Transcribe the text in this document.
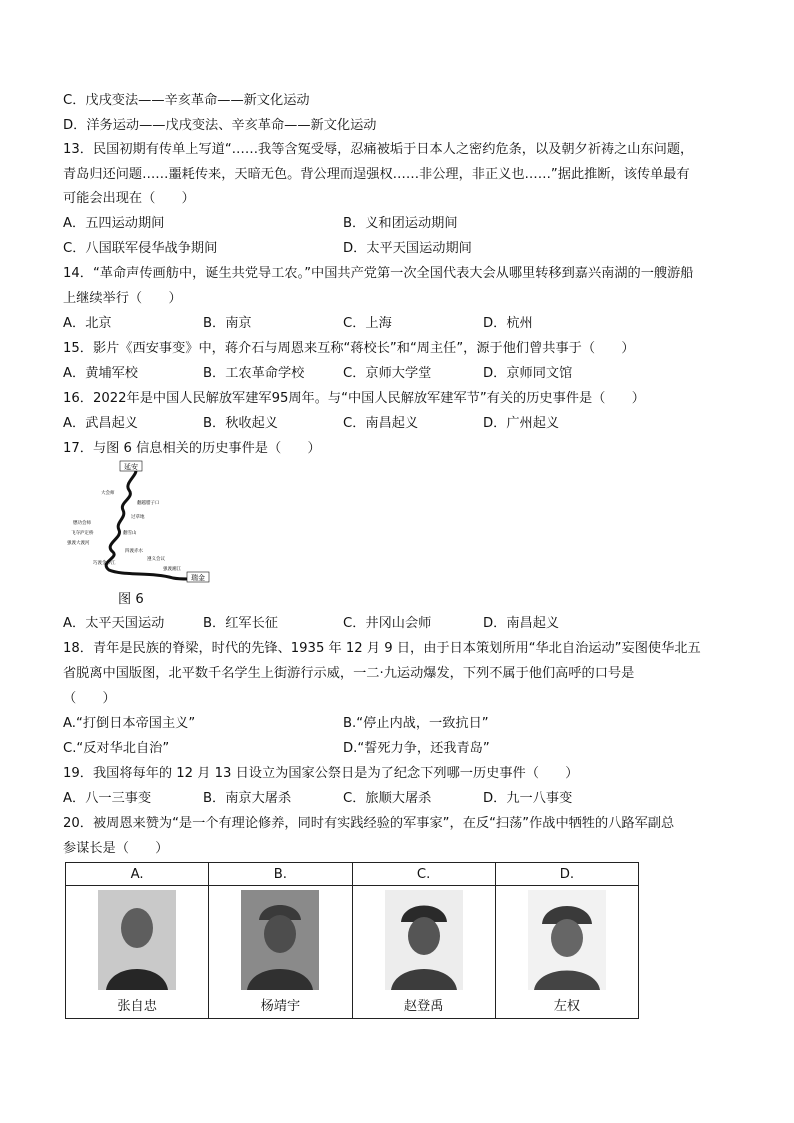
C．戊戌变法——辛亥革命——新文化运动
D．洋务运动——戊戌变法、辛亥革命——新文化运动
13．民国初期有传单上写道“……我等含冤受辱，忍痛被垢于日本人之密约危条，以及朝夕祈祷之山东问题，
青岛归还问题……噩耗传来，天暗无色。背公理而逞强权……非公理，非正义也……”据此推断，该传单最有
可能会出现在（　　）
A．五四运动期间	B．义和团运动期间
C．八国联军侵华战争期间	D．太平天国运动期间
14．“革命声传画舫中，诞生共党导工农。”中国共产党第一次全国代表大会从哪里转移到嘉兴南湖的一艘游船
上继续举行（　　）
A．北京	B．南京	C．上海	D．杭州
15．影片《西安事变》中，蒋介石与周恩来互称“蒋校长”和“周主任”，源于他们曾共事于（　　）
A．黄埔军校	B．工农革命学校	C．京师大学堂	D．京师同文馆
16．2022年是中国人民解放军建军95周年。与“中国人民解放军建军节”有关的历史事件是（　　）
A．武昌起义	B．秋收起义	C．南昌起义	D．广州起义
17．与图 6 信息相关的历史事件是（　　）
延安
大会师
翻越腊子口
过草地
懋功会师
飞夺泸定桥
强渡大渡河
翻雪山
四渡赤水
巧渡金沙江
遵义会议
强渡湘江
瑞金
图 6
A．太平天国运动	B．红军长征	C．井冈山会师	D．南昌起义
18．青年是民族的脊梁，时代的先锋、1935 年 12 月 9 日，由于日本策划所用“华北自治运动”妄图使华北五
省脱离中国版图，北平数千名学生上街游行示威，一二·九运动爆发，下列不属于他们高呼的口号是
（　　）
A.“打倒日本帝国主义”	B.“停止内战，一致抗日”
C.“反对华北自治”	D.“誓死力争，还我青岛”
19．我国将每年的 12 月 13 日设立为国家公祭日是为了纪念下列哪一历史事件（　　）
A．八一三事变	B．南京大屠杀	C．旅顺大屠杀	D．九一八事变
20．被周恩来赞为“是一个有理论修养，同时有实践经验的军事家”，在反“扫荡”作战中牺牲的八路军副总
参谋长是（　　）
A.	B.	C.	D.

张自忠	杨靖宇	赵登禹	左权
